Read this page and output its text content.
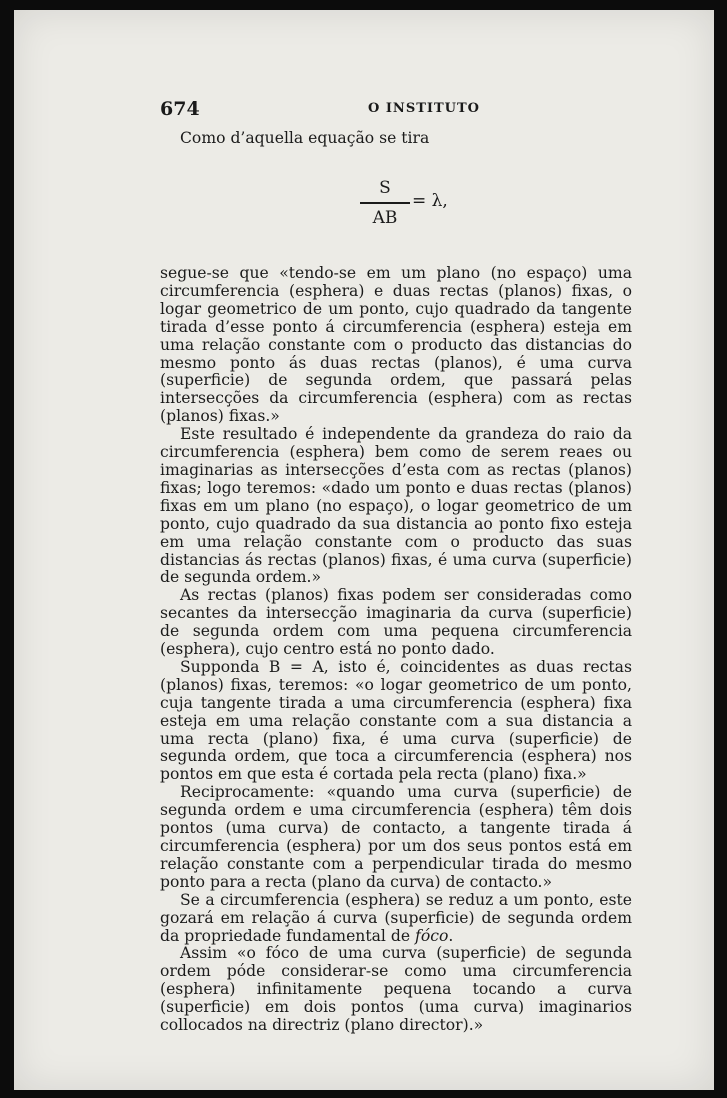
674	O INSTITUTO
Como d’aquella equação se tira
S
AB
= λ,

segue-se que «tendo-se em um plano (no espaço) uma circumferencia (esphera) e duas rectas (planos) fixas, o logar geometrico de um ponto, cujo quadrado da tangente tirada d’esse ponto á circumferencia (esphera) esteja em uma relação constante com o producto das distancias do mesmo ponto ás duas rectas (planos), é uma curva (superficie) de segunda ordem, que passará pelas intersecções da circumferencia (esphera) com as rectas (planos) fixas.»

Este resultado é independente da grandeza do raio da circumferencia (esphera) bem como de serem reaes ou imaginarias as intersecções d’esta com as rectas (planos) fixas; logo teremos: «dado um ponto e duas rectas (planos) fixas em um plano (no espaço), o logar geometrico de um ponto, cujo quadrado da sua distancia ao ponto fixo esteja em uma relação constante com o producto das suas distancias ás rectas (planos) fixas, é uma curva (superficie) de segunda ordem.»

As rectas (planos) fixas podem ser consideradas como secantes da intersecção imaginaria da curva (superficie) de segunda ordem com uma pequena circumferencia (esphera), cujo centro está no ponto dado.

Supponda B = A, isto é, coincidentes as duas rectas (planos) fixas, teremos: «o logar geometrico de um ponto, cuja tangente tirada a uma circumferencia (esphera) fixa esteja em uma relação constante com a sua distancia a uma recta (plano) fixa, é uma curva (superficie) de segunda ordem, que toca a circumferencia (esphera) nos pontos em que esta é cortada pela recta (plano) fixa.»

Reciprocamente: «quando uma curva (superficie) de segunda ordem e uma circumferencia (esphera) têm dois pontos (uma curva) de contacto, a tangente tirada á circumferencia (esphera) por um dos seus pontos está em relação constante com a perpendicular tirada do mesmo ponto para a recta (plano da curva) de contacto.»

Se a circumferencia (esphera) se reduz a um ponto, este gozará em relação á curva (superficie) de segunda ordem da propriedade fundamental de fóco.

Assim «o fóco de uma curva (superficie) de segunda ordem póde considerar-se como uma circumferencia (esphera) infinitamente pequena tocando a curva (superficie) em dois pontos (uma curva) imaginarios collocados na directriz (plano director).»
